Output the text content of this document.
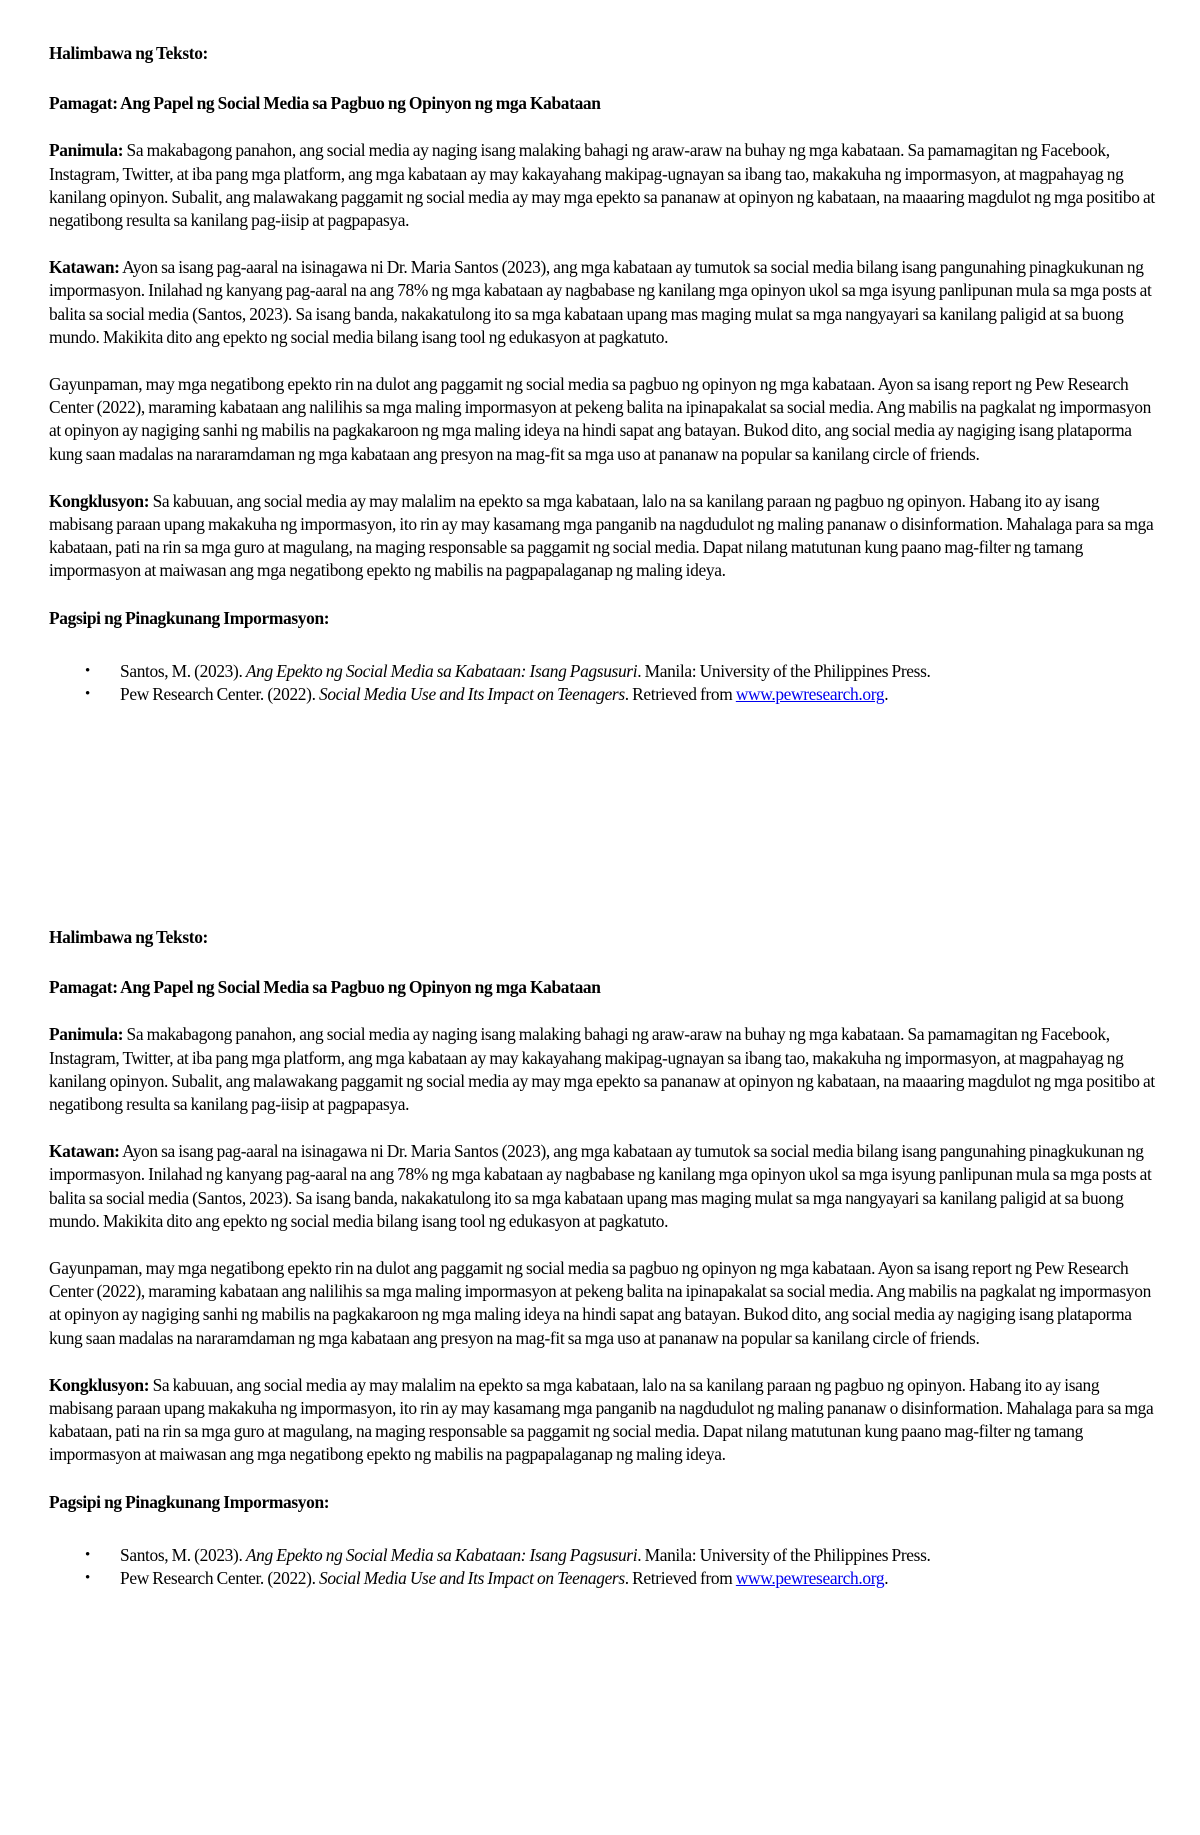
Halimbawa ng Teksto:

Pamagat: Ang Papel ng Social Media sa Pagbuo ng Opinyon ng mga Kabataan

Panimula: Sa makabagong panahon, ang social media ay naging isang malaking bahagi ng araw-araw na buhay ng mga kabataan. Sa pamamagitan ng Facebook, Instagram, Twitter, at iba pang mga platform, ang mga kabataan ay may kakayahang makipag-ugnayan sa ibang tao, makakuha ng impormasyon, at magpahayag ng kanilang opinyon. Subalit, ang malawakang paggamit ng social media ay may mga epekto sa pananaw at opinyon ng kabataan, na maaaring magdulot ng mga positibo at negatibong resulta sa kanilang pag-iisip at pagpapasya.

Katawan: Ayon sa isang pag-aaral na isinagawa ni Dr. Maria Santos (2023), ang mga kabataan ay tumutok sa social media bilang isang pangunahing pinagkukunan ng impormasyon. Inilahad ng kanyang pag-aaral na ang 78% ng mga kabataan ay nagbabase ng kanilang mga opinyon ukol sa mga isyung panlipunan mula sa mga posts at balita sa social media (Santos, 2023). Sa isang banda, nakakatulong ito sa mga kabataan upang mas maging mulat sa mga nangyayari sa kanilang paligid at sa buong mundo. Makikita dito ang epekto ng social media bilang isang tool ng edukasyon at pagkatuto.

Gayunpaman, may mga negatibong epekto rin na dulot ang paggamit ng social media sa pagbuo ng opinyon ng mga kabataan. Ayon sa isang report ng Pew Research Center (2022), maraming kabataan ang nalilihis sa mga maling impormasyon at pekeng balita na ipinapakalat sa social media. Ang mabilis na pagkalat ng impormasyon at opinyon ay nagiging sanhi ng mabilis na pagkakaroon ng mga maling ideya na hindi sapat ang batayan. Bukod dito, ang social media ay nagiging isang plataporma kung saan madalas na nararamdaman ng mga kabataan ang presyon na mag-fit sa mga uso at pananaw na popular sa kanilang circle of friends.

Kongklusyon: Sa kabuuan, ang social media ay may malalim na epekto sa mga kabataan, lalo na sa kanilang paraan ng pagbuo ng opinyon. Habang ito ay isang mabisang paraan upang makakuha ng impormasyon, ito rin ay may kasamang mga panganib na nagdudulot ng maling pananaw o disinformation. Mahalaga para sa mga kabataan, pati na rin sa mga guro at magulang, na maging responsable sa paggamit ng social media. Dapat nilang matutunan kung paano mag-filter ng tamang impormasyon at maiwasan ang mga negatibong epekto ng mabilis na pagpapalaganap ng maling ideya.

Pagsipi ng Pinagkunang Impormasyon:

• Santos, M. (2023). Ang Epekto ng Social Media sa Kabataan: Isang Pagsusuri. Manila: University of the Philippines Press.
• Pew Research Center. (2022). Social Media Use and Its Impact on Teenagers. Retrieved from www.pewresearch.org.

Halimbawa ng Teksto:

Pamagat: Ang Papel ng Social Media sa Pagbuo ng Opinyon ng mga Kabataan

Panimula: Sa makabagong panahon, ang social media ay naging isang malaking bahagi ng araw-araw na buhay ng mga kabataan. Sa pamamagitan ng Facebook, Instagram, Twitter, at iba pang mga platform, ang mga kabataan ay may kakayahang makipag-ugnayan sa ibang tao, makakuha ng impormasyon, at magpahayag ng kanilang opinyon. Subalit, ang malawakang paggamit ng social media ay may mga epekto sa pananaw at opinyon ng kabataan, na maaaring magdulot ng mga positibo at negatibong resulta sa kanilang pag-iisip at pagpapasya.

Katawan: Ayon sa isang pag-aaral na isinagawa ni Dr. Maria Santos (2023), ang mga kabataan ay tumutok sa social media bilang isang pangunahing pinagkukunan ng impormasyon. Inilahad ng kanyang pag-aaral na ang 78% ng mga kabataan ay nagbabase ng kanilang mga opinyon ukol sa mga isyung panlipunan mula sa mga posts at balita sa social media (Santos, 2023). Sa isang banda, nakakatulong ito sa mga kabataan upang mas maging mulat sa mga nangyayari sa kanilang paligid at sa buong mundo. Makikita dito ang epekto ng social media bilang isang tool ng edukasyon at pagkatuto.

Gayunpaman, may mga negatibong epekto rin na dulot ang paggamit ng social media sa pagbuo ng opinyon ng mga kabataan. Ayon sa isang report ng Pew Research Center (2022), maraming kabataan ang nalilihis sa mga maling impormasyon at pekeng balita na ipinapakalat sa social media. Ang mabilis na pagkalat ng impormasyon at opinyon ay nagiging sanhi ng mabilis na pagkakaroon ng mga maling ideya na hindi sapat ang batayan. Bukod dito, ang social media ay nagiging isang plataporma kung saan madalas na nararamdaman ng mga kabataan ang presyon na mag-fit sa mga uso at pananaw na popular sa kanilang circle of friends.

Kongklusyon: Sa kabuuan, ang social media ay may malalim na epekto sa mga kabataan, lalo na sa kanilang paraan ng pagbuo ng opinyon. Habang ito ay isang mabisang paraan upang makakuha ng impormasyon, ito rin ay may kasamang mga panganib na nagdudulot ng maling pananaw o disinformation. Mahalaga para sa mga kabataan, pati na rin sa mga guro at magulang, na maging responsable sa paggamit ng social media. Dapat nilang matutunan kung paano mag-filter ng tamang impormasyon at maiwasan ang mga negatibong epekto ng mabilis na pagpapalaganap ng maling ideya.

Pagsipi ng Pinagkunang Impormasyon:

• Santos, M. (2023). Ang Epekto ng Social Media sa Kabataan: Isang Pagsusuri. Manila: University of the Philippines Press.
• Pew Research Center. (2022). Social Media Use and Its Impact on Teenagers. Retrieved from www.pewresearch.org.
